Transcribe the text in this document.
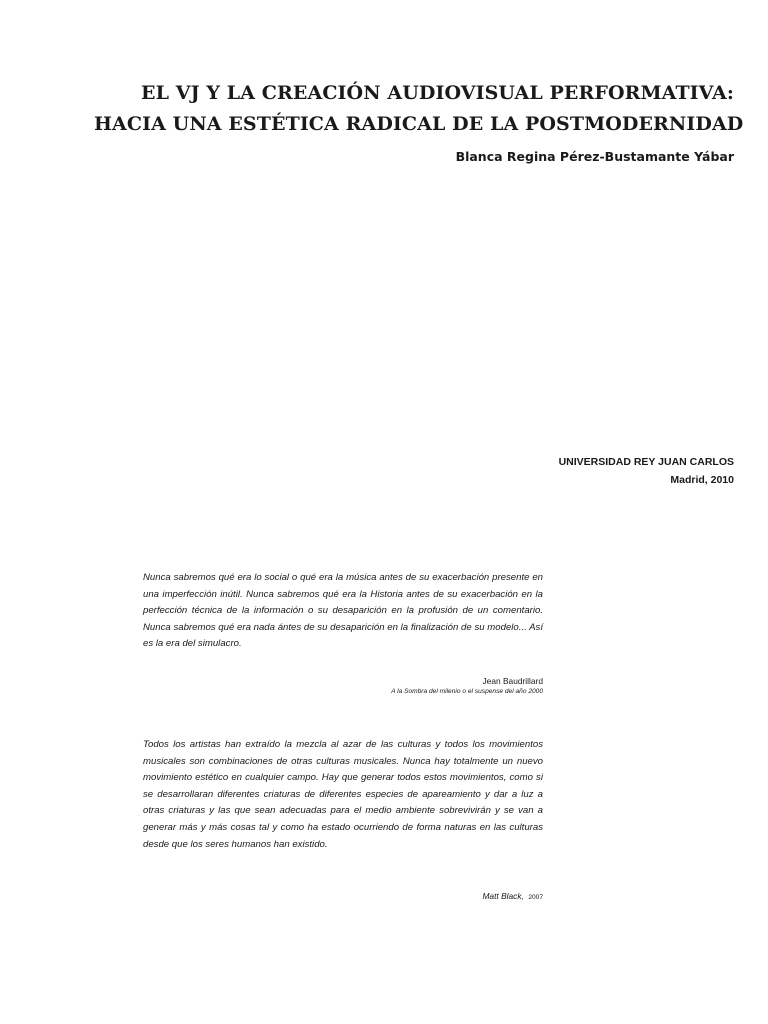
EL VJ Y LA CREACIÓN AUDIOVISUAL PERFORMATIVA:
HACIA UNA ESTÉTICA RADICAL DE LA POSTMODERNIDAD
Blanca Regina Pérez-Bustamante Yábar
UNIVERSIDAD REY JUAN CARLOS
Madrid, 2010
Nunca sabremos qué era lo social o qué era la música antes de su exacerbación presente en una imperfección inútil. Nunca sabremos qué era la Historia antes de su exacerbación en la perfección técnica de la información o su desaparición en la profusión de un comentario. Nunca sabremos qué era nada ántes de su desaparición en la finalización de su modelo... Así es la era del simulacro.
Jean Baudrillard
A la Sombra del milenio o el suspense del año 2000
Todos los artistas han extraído la mezcla al azar de las culturas y todos los movimientos musicales son combinaciones de otras culturas musicales. Nunca hay totalmente un nuevo movimiento estético en cualquier campo. Hay que generar todos estos movimientos, como si se desarrollaran diferentes criaturas de diferentes especies de apareamiento y dar a luz a otras criaturas y las que sean adecuadas para el medio ambiente sobrevivirán y se van a generar más y más cosas tal y como ha estado ocurriendo de forma naturas en las culturas desde que los seres humanos han existido.
Matt Black, 2007
